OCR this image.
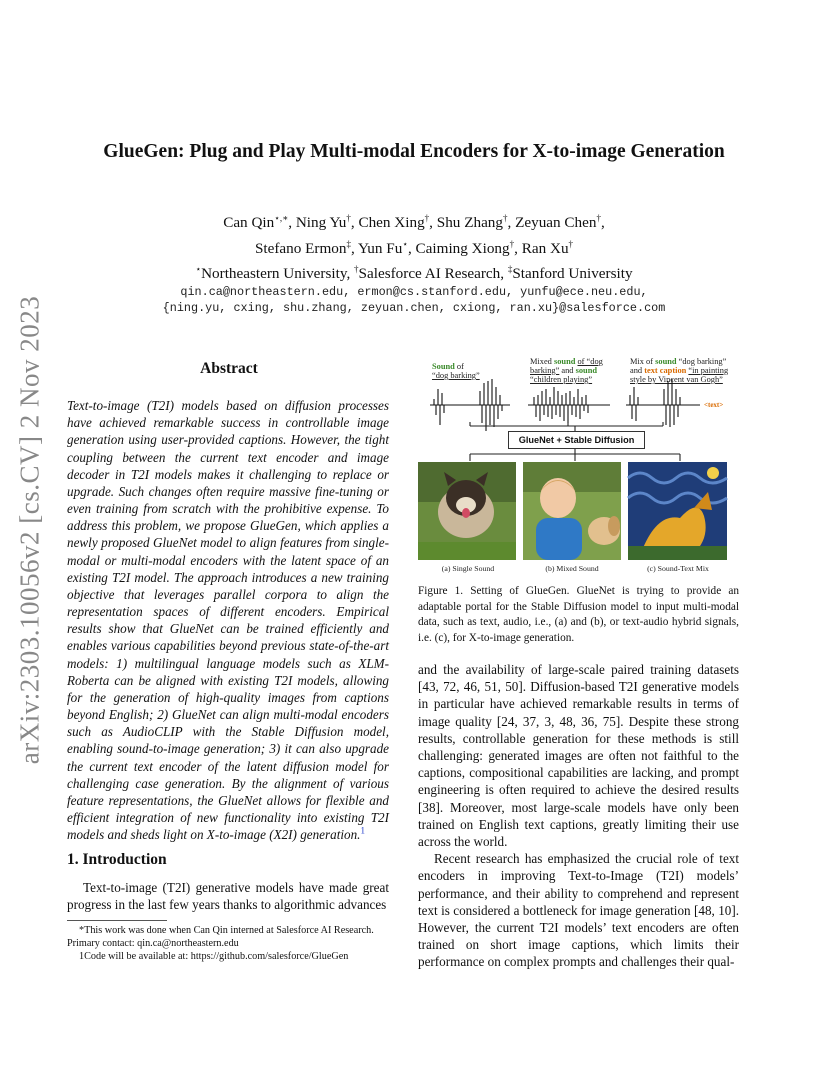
arXiv:2303.10056v2 [cs.CV] 2 Nov 2023
GlueGen: Plug and Play Multi-modal Encoders for X-to-image Generation
Can Qin⋆,∗, Ning Yu†, Chen Xing†, Shu Zhang†, Zeyuan Chen†,
Stefano Ermon‡, Yun Fu⋆, Caiming Xiong†, Ran Xu†
⋆Northeastern University, †Salesforce AI Research, ‡Stanford University
qin.ca@northeastern.edu, ermon@cs.stanford.edu, yunfu@ece.neu.edu,
{ning.yu, cxing, shu.zhang, zeyuan.chen, cxiong, ran.xu}@salesforce.com
Abstract
Text-to-image (T2I) models based on diffusion processes have achieved remarkable success in controllable image generation using user-provided captions. However, the tight coupling between the current text encoder and image decoder in T2I models makes it challenging to replace or upgrade. Such changes often require massive fine-tuning or even training from scratch with the prohibitive expense. To address this problem, we propose GlueGen, which applies a newly proposed GlueNet model to align features from single-modal or multi-modal encoders with the latent space of an existing T2I model. The approach introduces a new training objective that leverages parallel corpora to align the representation spaces of different encoders. Empirical results show that GlueNet can be trained efficiently and enables various capabilities beyond previous state-of-the-art models: 1) multilingual language models such as XLM-Roberta can be aligned with existing T2I models, allowing for the generation of high-quality images from captions beyond English; 2) GlueNet can align multi-modal encoders such as AudioCLIP with the Stable Diffusion model, enabling sound-to-image generation; 3) it can also upgrade the current text encoder of the latent diffusion model for challenging case generation. By the alignment of various feature representations, the GlueNet allows for flexible and efficient integration of new functionality into existing T2I models and sheds light on X-to-image (X2I) generation.$^1$
1. Introduction

Text-to-image (T2I) generative models have made great progress in the last few years thanks to algorithmic advances

*This work was done when Can Qin interned at Salesforce AI Research. Primary contact: qin.ca@northeastern.edu
1Code will be available at: https://github.com/salesforce/GlueGen
Sound of
“dog barking”
Mixed sound of “dog
barking” and sound
“children playing”
Mix of sound “dog barking”
and text caption “in painting
style by Vincent van Gogh”
<text>
GlueNet + Stable Diffusion
(a) Single Sound	(b) Mixed Sound	(c) Sound-Text Mix
Figure 1. Setting of GlueGen. GlueNet is trying to provide an adaptable portal for the Stable Diffusion model to input multi-modal data, such as text, audio, i.e., (a) and (b), or text-audio hybrid signals, i.e. (c), for X-to-image generation.

and the availability of large-scale paired training datasets [43, 72, 46, 51, 50]. Diffusion-based T2I generative models in particular have achieved remarkable results in terms of image quality [24, 37, 3, 48, 36, 75]. Despite these strong results, controllable generation for these methods is still challenging: generated images are often not faithful to the captions, compositional capabilities are lacking, and prompt engineering is often required to achieve the desired results [38]. Moreover, most large-scale models have only been trained on English text captions, greatly limiting their use across the world.

Recent research has emphasized the crucial role of text encoders in improving Text-to-Image (T2I) models’ performance, and their ability to comprehend and represent text is considered a bottleneck for image generation [48, 10]. However, the current T2I models’ text encoders are often trained on short image captions, which limits their performance on complex prompts and challenges their qual-
